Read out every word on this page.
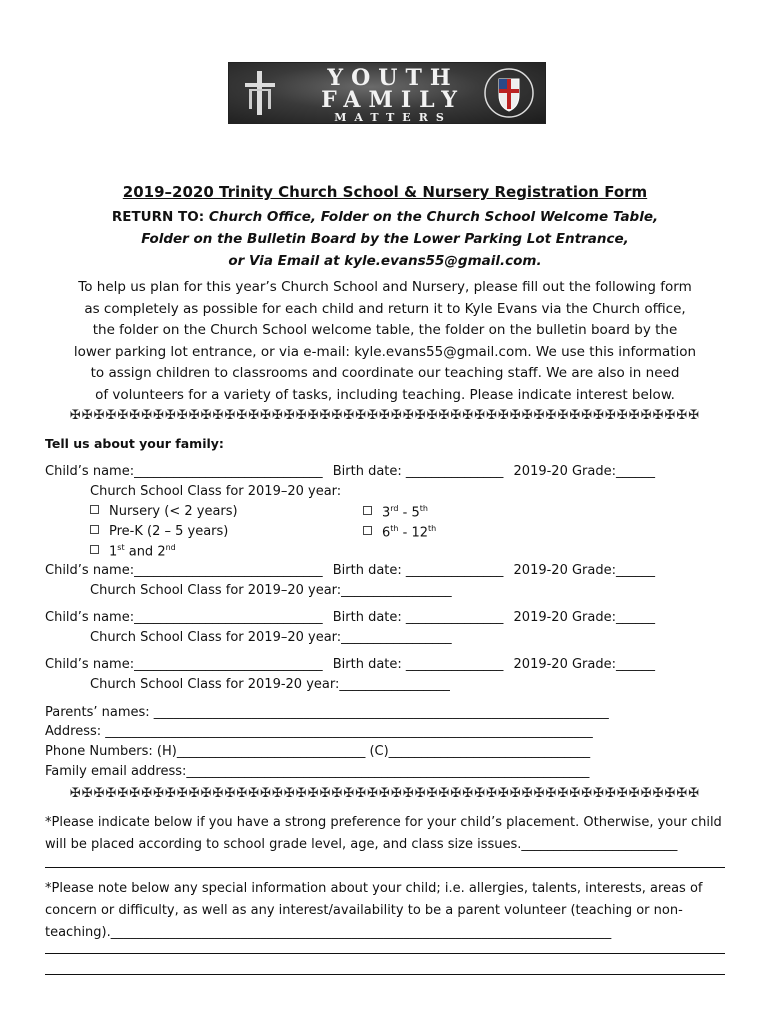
YOUTH
FAMILY
MATTERS
2019–2020 Trinity Church School & Nursery Registration Form
RETURN TO: Church Office, Folder on the Church School Welcome Table,
Folder on the Bulletin Board by the Lower Parking Lot Entrance,
or Via Email at kyle.evans55@gmail.com.
To help us plan for this year’s Church School and Nursery, please fill out the following form
as completely as possible for each child and return it to Kyle Evans via the Church office,
the folder on the Church School welcome table, the folder on the bulletin board by the
lower parking lot entrance, or via e-mail: kyle.evans55@gmail.com. We use this information
to assign children to classrooms and coordinate our teaching staff. We are also in need
of volunteers for a variety of tasks, including teaching. Please indicate interest below.
✠✠✠✠✠✠✠✠✠✠✠✠✠✠✠✠✠✠✠✠✠✠✠✠✠✠✠✠✠✠✠✠✠✠✠✠✠✠✠✠✠✠✠✠✠✠✠✠✠✠✠✠✠
Tell us about your family:
Child’s name:_____________________________ Birth date: _______________ 2019-20 Grade:______
Church School Class for 2019–20 year:
Nursery (< 2 years)
Pre-K (2 – 5 years)
1st and 2nd
3rd - 5th
6th - 12th
Child’s name:_____________________________ Birth date: _______________ 2019-20 Grade:______
Church School Class for 2019–20 year:_________________
Child’s name:_____________________________ Birth date: _______________ 2019-20 Grade:______
Church School Class for 2019–20 year:_________________
Child’s name:_____________________________ Birth date: _______________ 2019-20 Grade:______
Church School Class for 2019-20 year:_________________
Parents’ names: ______________________________________________________________________
Address: ___________________________________________________________________________
Phone Numbers: (H)_____________________________ (C)_______________________________
Family email address:______________________________________________________________
✠✠✠✠✠✠✠✠✠✠✠✠✠✠✠✠✠✠✠✠✠✠✠✠✠✠✠✠✠✠✠✠✠✠✠✠✠✠✠✠✠✠✠✠✠✠✠✠✠✠✠✠✠
*Please indicate below if you have a strong preference for your child’s placement. Otherwise, your child
will be placed according to school grade level, age, and class size issues.________________________
*Please note below any special information about your child; i.e. allergies, talents, interests, areas of
concern or difficulty, as well as any interest/availability to be a parent volunteer (teaching or non-
teaching)._____________________________________________________________________________
